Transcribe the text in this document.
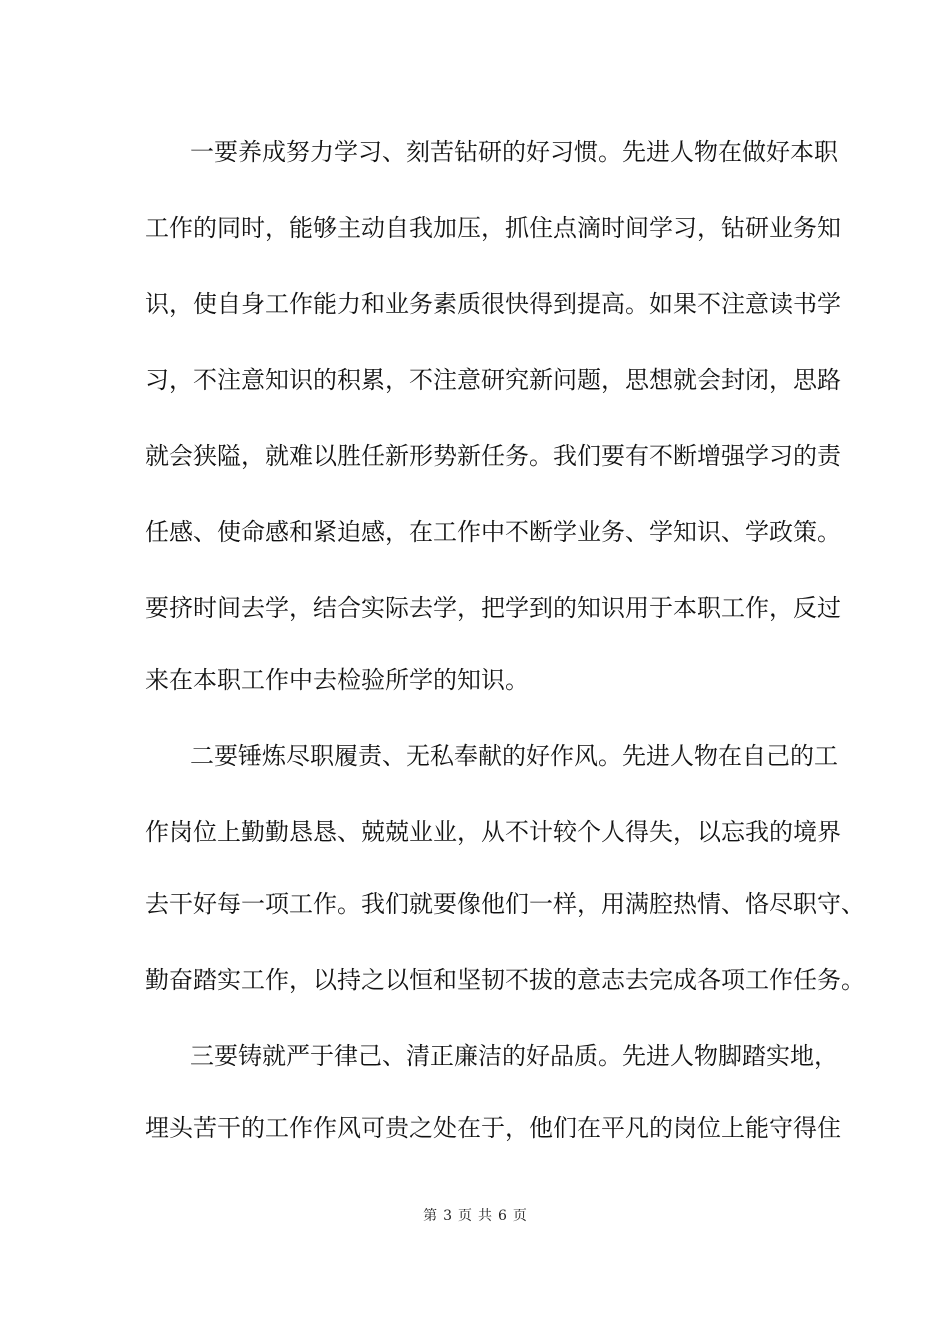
一要养成努力学习、刻苦钻研的好习惯。先进人物在做好本职
工作的同时，能够主动自我加压，抓住点滴时间学习，钻研业务知
识，使自身工作能力和业务素质很快得到提高。如果不注意读书学
习，不注意知识的积累，不注意研究新问题，思想就会封闭，思路
就会狭隘，就难以胜任新形势新任务。我们要有不断增强学习的责
任感、使命感和紧迫感，在工作中不断学业务、学知识、学政策。
要挤时间去学，结合实际去学，把学到的知识用于本职工作，反过
来在本职工作中去检验所学的知识。
二要锤炼尽职履责、无私奉献的好作风。先进人物在自己的工
作岗位上勤勤恳恳、兢兢业业，从不计较个人得失，以忘我的境界
去干好每一项工作。我们就要像他们一样，用满腔热情、恪尽职守、
勤奋踏实工作，以持之以恒和坚韧不拔的意志去完成各项工作任务。
三要铸就严于律己、清正廉洁的好品质。先进人物脚踏实地，
埋头苦干的工作作风可贵之处在于，他们在平凡的岗位上能守得住
第 3 页 共 6 页
